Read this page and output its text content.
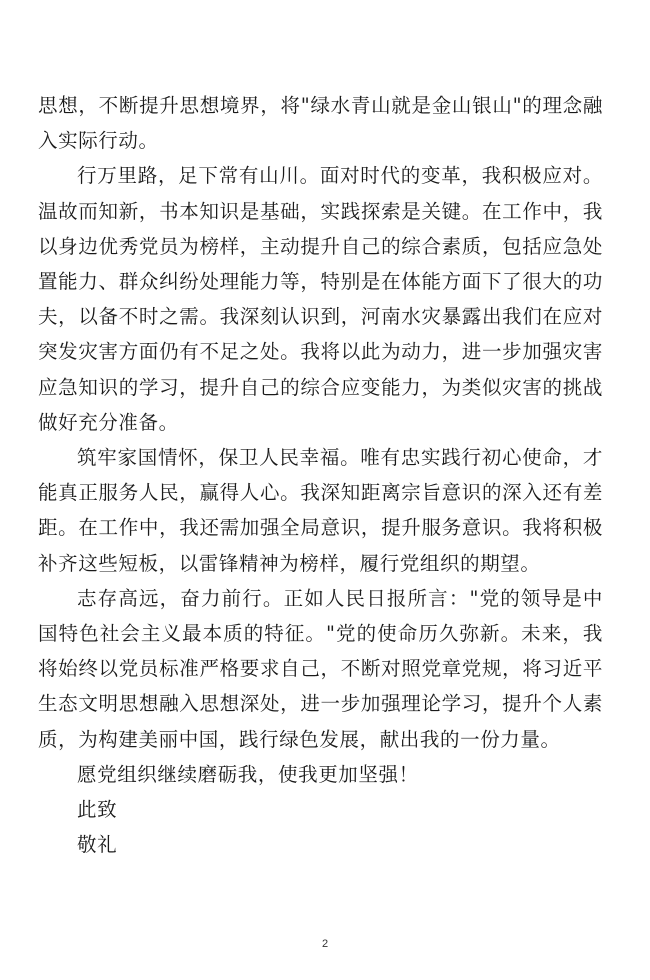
思想，不断提升思想境界，将"绿水青山就是金山银山"的理念融入实际行动。

行万里路，足下常有山川。面对时代的变革，我积极应对。温故而知新，书本知识是基础，实践探索是关键。在工作中，我以身边优秀党员为榜样，主动提升自己的综合素质，包括应急处置能力、群众纠纷处理能力等，特别是在体能方面下了很大的功夫，以备不时之需。我深刻认识到，河南水灾暴露出我们在应对突发灾害方面仍有不足之处。我将以此为动力，进一步加强灾害应急知识的学习，提升自己的综合应变能力，为类似灾害的挑战做好充分准备。

筑牢家国情怀，保卫人民幸福。唯有忠实践行初心使命，才能真正服务人民，赢得人心。我深知距离宗旨意识的深入还有差距。在工作中，我还需加强全局意识，提升服务意识。我将积极补齐这些短板，以雷锋精神为榜样，履行党组织的期望。

志存高远，奋力前行。正如人民日报所言："党的领导是中国特色社会主义最本质的特征。"党的使命历久弥新。未来，我将始终以党员标准严格要求自己，不断对照党章党规，将习近平生态文明思想融入思想深处，进一步加强理论学习，提升个人素质，为构建美丽中国，践行绿色发展，献出我的一份力量。

愿党组织继续磨砺我，使我更加坚强！

此致

敬礼

2
